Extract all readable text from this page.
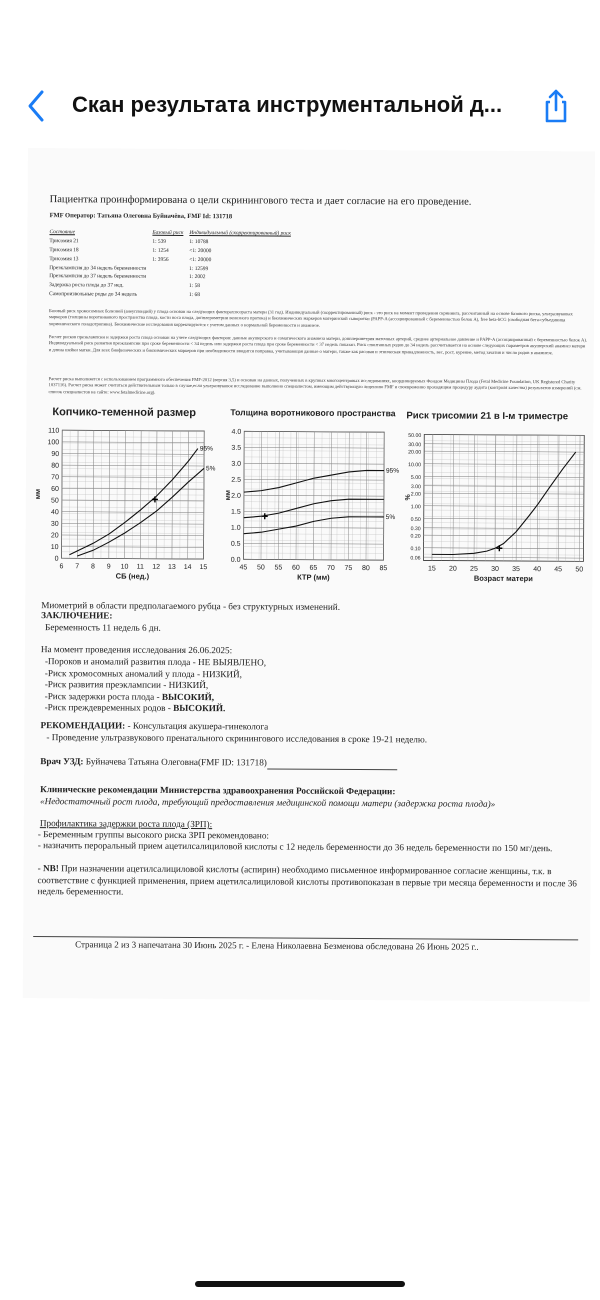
Скан результата инструментальной д...
Пациентка проинформирована о цели скринингового теста и дает согласие на его проведение.
FMF Оператор: Татьяна Олеговна Буйначёва, FMF Id: 131718
Состояние	Базовый риск	Индивидуальный (скорректированный) риск
Трисомия 21	1: 539	1: 10788
Трисомия 18	1: 1254	<1: 20000
Трисомия 13	1: 3956	<1: 20000
Преэклампсия до 34 недель беременности		1: 12599
Преэклампсия до 37 недель беременности		1: 2002
Задержка роста плода до 37 нед.		1: 58
Самопроизвольные роды до 34 недель		1: 68
Базовый риск хромосомных болезней (анеуплоидий) у плода основан на следующих факторах:возраста матери (31 год). Индивидуальный (скорректированный) риск - это риск на момент проведения скрининга, рассчитанный на основе базового риска, ультразвуковых маркеров (толщины воротникового пространства плода, кости носа плода, допплерометрии венозного протока) и биохимических маркеров материнской сыворотки (PAPP-A (ассоциированный с беременностью белок А), free beta-hCG (свободная бета-субъединица хорионического гонадотропина). Биохимические исследования корректируются с учетом данных о нормальной беременности и анамнезе.
Расчет рисков преэклампсии и задержки роста плода основан на учете следующих факторов: данные акушерского и соматического анамнеза матери, допплерометрия маточных артерий, среднее артериальное давление и PAPP-A (ассоциированный с беременностью белок А). Индивидуальный риск развития преэклампсии при сроке беременности < 34 недель или задержки роста плода при сроке беременности < 37 недель показан. Риск спонтанных родов до 34 недель рассчитывается на основе следующих параметров акушерский анамнез матери и длина шейки матки. Для всех биофизических и биохимических маркеров при необходимости вводится поправка, учитывающая данные о матери, также как расовая и этническая принадлежность, вес, рост, курение, метод зачатия и число родов в анамнезе.
Расчет риска выполняется с использованием программного обеспечения FMF-2012 (версия 3,5) и основан на данных, полученных в крупных многоцентровых исследованиях, координируемых Фондом Медицины Плода (Fetal Medicine Foundation, UK Registered Charity 1037116). Расчет риска может считаться действительным только в случае,если ультразвуковое исследование выполнено специалистом, имеющим действующую лицензию FMF и своевременно проходящим процедуру аудита (контроля качества) результатов измерений (см. список специалистов на сайте: www.fetalmedicine.org).
Копчико-теменной размер
0
10
20
30
40
50
60
70
80
90
100
110
6 7 8 9 10 11 12 13 14 15
СБ (нед.)
мм
95%
5%
Толщина воротникового пространства
0.0
0.5
1.0
1.5
2.0
2.5
3.0
3.5
4.0
45 50 55 60 65 70 75 80 85
КТР (мм)
мм
95%
5%
Риск трисомии 21 в I-м триместре
0.06
0.10
0.20
0.30
0.50
1.00
2.00
3.00
5.00
10.00
20.00
30.00
50.00
15 20 25 30 35 40 45 50
Возраст матери
%
Миометрий в области предполагаемого рубца - без структурных изменений.
ЗАКЛЮЧЕНИЕ:
Беременность 11 недель 6 дн.
На момент проведения исследования 26.06.2025:
-Пороков и аномалий развития плода - НЕ ВЫЯВЛЕНО,
-Риск хромосомных аномалий у плода - НИЗКИЙ,
-Риск развития преэклампсии - НИЗКИЙ,
-Риск задержки роста плода - ВЫСОКИЙ,
-Риск преждевременных родов - ВЫСОКИЙ.
РЕКОМЕНДАЦИИ: - Консультация акушера-гинеколога
- Проведение ультразвукового пренатального скринингового исследования в сроке 19-21 неделю.
Врач УЗД: Буйначева Татьяна Олеговна(FMF ID: 131718)
Клинические рекомендации Министерства здравоохранения Российской Федерации:
«Недостаточный рост плода, требующий предоставления медицинской помощи матери (задержка роста плода)»
Профилактика задержки роста плода (ЗРП):
- Беременным группы высокого риска ЗРП рекомендовано:
- назначить пероральный прием ацетилсалициловой кислоты с 12 недель беременности до 36 недель беременности по 150 мг/день.
- NB! При назначении ацетилсалициловой кислоты (аспирин) необходимо письменное информированное согласие женщины, т.к. в соответствие с функцией применения, прием ацетилсалициловой кислоты противопоказан в первые три месяца беременности и после 36 недель беременности.
Страница 2 из 3 напечатана 30 Июнь 2025 г. - Елена Николаевна Безменова обследована 26 Июнь 2025 г..
